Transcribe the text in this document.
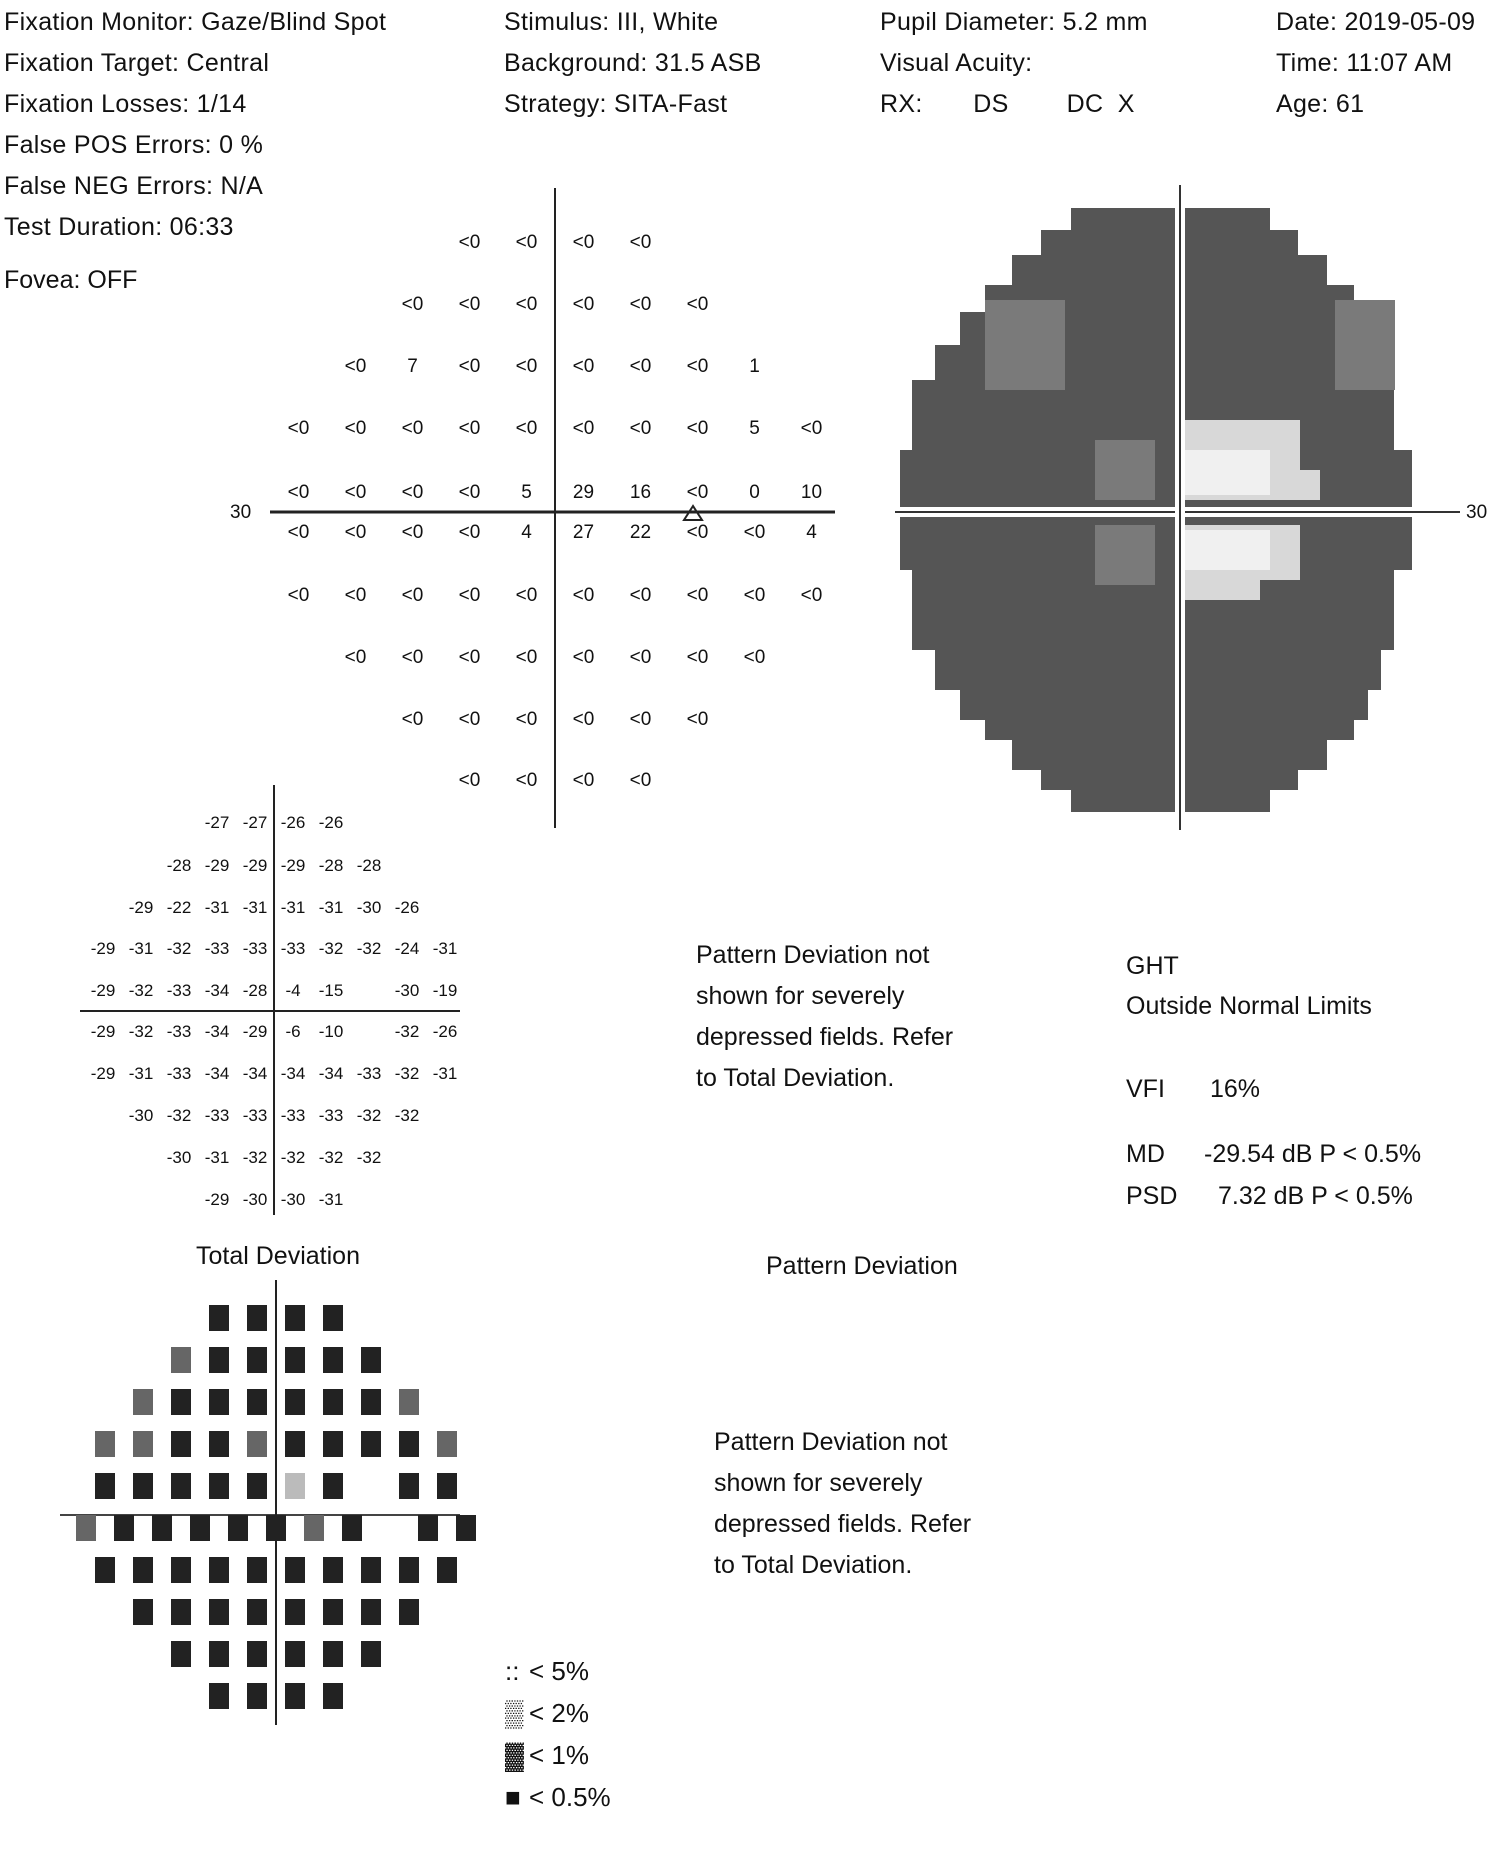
Fixation Monitor: Gaze/Blind Spot
Fixation Target: Central
Fixation Losses: 1/14
False POS Errors: 0 %
False NEG Errors: N/A
Test Duration: 06:33
Stimulus: III, White
Background: 31.5 ASB
Strategy: SITA-Fast
Pupil Diameter: 5.2 mm
Visual Acuity:
RX:       DS        DC  X
Date: 2019-05-09
Time: 11:07 AM
Age: 61
Fovea: OFF
30	30
<0 <0 <0 <0
<0 <0 <0 <0 <0 <0
<0 7 <0 <0 <0 <0 <0 1
<0 <0 <0 <0 <0 <0 <0 <0 5 <0
<0 <0 <0 <0 5 29 16 <0 0 10
<0 <0 <0 <0 4 27 22 <0 <0 4
<0 <0 <0 <0 <0 <0 <0 <0 <0 <0
<0 <0 <0 <0 <0 <0 <0 <0
<0 <0 <0 <0 <0 <0
<0 <0 <0 <0
-27 -27 -26 -26
-28 -29 -29 -29 -28 -28
-29 -22 -31 -31 -31 -31 -30 -26
-29 -31 -32 -33 -33 -33 -32 -32 -24 -31
-29 -32 -33 -34 -28 -4 -15	-30 -19
-29 -32 -33 -34 -29 -6 -10	-32 -26
-29 -31 -33 -34 -34 -34 -34 -33 -32 -31
-30 -32 -33 -33 -33 -33 -32 -32
-30 -31 -32 -32 -32 -32
-29 -30 -30 -31
Total Deviation	Pattern Deviation
Pattern Deviation not
shown for severely
depressed fields. Refer
to Total Deviation.
Pattern Deviation not
shown for severely
depressed fields. Refer
to Total Deviation.
GHT
Outside Normal Limits
VFI 16%
MD -29.54 dB P < 0.5%
PSD 7.32 dB P < 0.5%
:: < 5%
▒ < 2%
▓ < 1%
■ < 0.5%
